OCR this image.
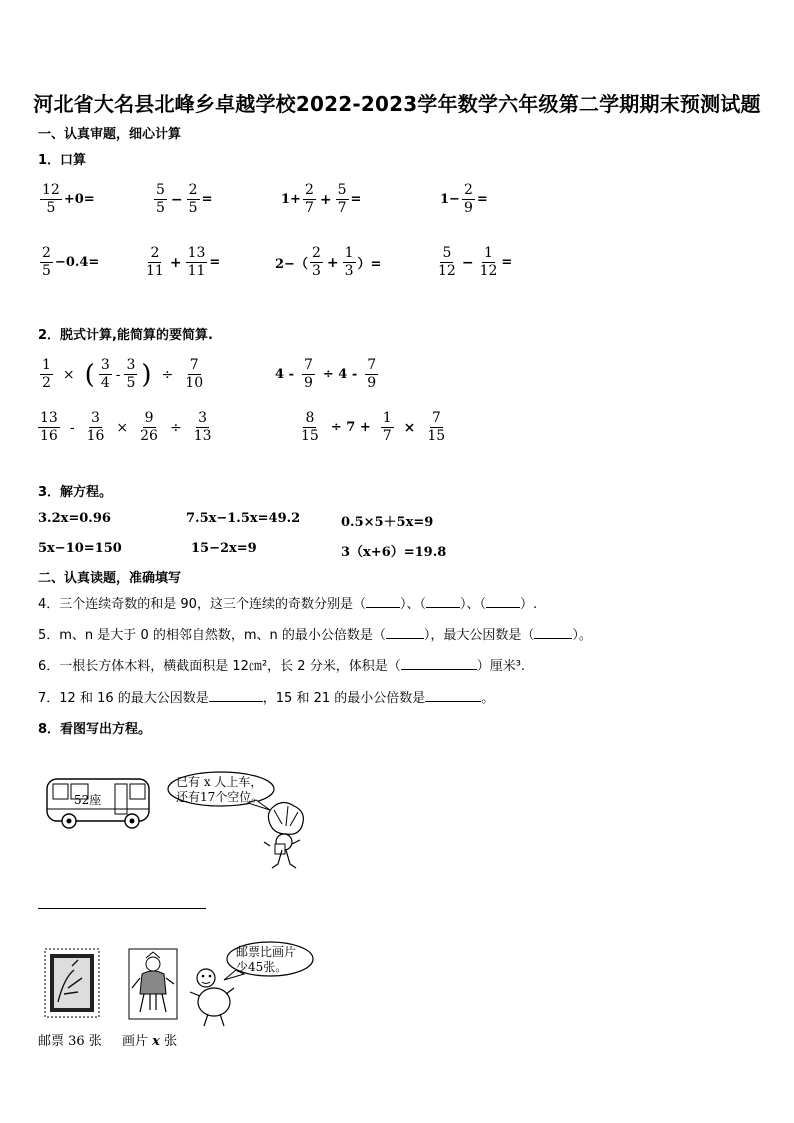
河北省大名县北峰乡卓越学校2022-2023学年数学六年级第二学期期末预测试题
一、认真审题，细心计算
1．口算
$\frac{12}{5} +0=$	$\frac{5}{5} - \frac{2}{5}$ =	$1+ \frac{2}{7} + \frac{5}{7}$ =	$1- \frac{2}{9}$ =
$\frac{2}{5} -0.4=$	$\frac{2}{11} + \frac{13}{11}$ =	$2-( \frac{2}{3} + \frac{1}{3}$ ）=	$\frac{5}{12} - \frac{1}{12}$ =
2．脱式计算,能简算的要简算.
$\frac{1}{2}$ × ( $\frac{3}{4} - \frac{3}{5}$ ) ÷ $\frac{7}{10}$	$4 - \frac{7}{9} \div 4 - \frac{7}{9}$
$\frac{13}{16} - \frac{3}{16} \times \frac{9}{26} \div \frac{3}{13}$	$\frac{8}{15} \div 7 + \frac{1}{7} \times \frac{7}{15}$
3．解方程。
3.2x=0.96	7.5x−1.5x=49.2	0.5×5＋5x=9
5x−10=150	15−2x=9	3（x+6）=19.8
二、认真读题，准确填写
4．三个连续奇数的和是 90，这三个连续的奇数分别是（	）、（	）、（	）.
5．m、n 是大于 0 的相邻自然数，m、n 的最小公倍数是（	），最大公因数是（	）。
6．一根长方体木料，横截面积是 12㎝²，长 2 分米，体积是（	）厘米³.
7．12 和 16 的最大公因数是	，15 和 21 的最小公倍数是	。
8．看图写出方程。
52座
已有 x 人上车，
还有17个空位。
邮票 36 张 画片 x 张
邮票比画片
少45张。
